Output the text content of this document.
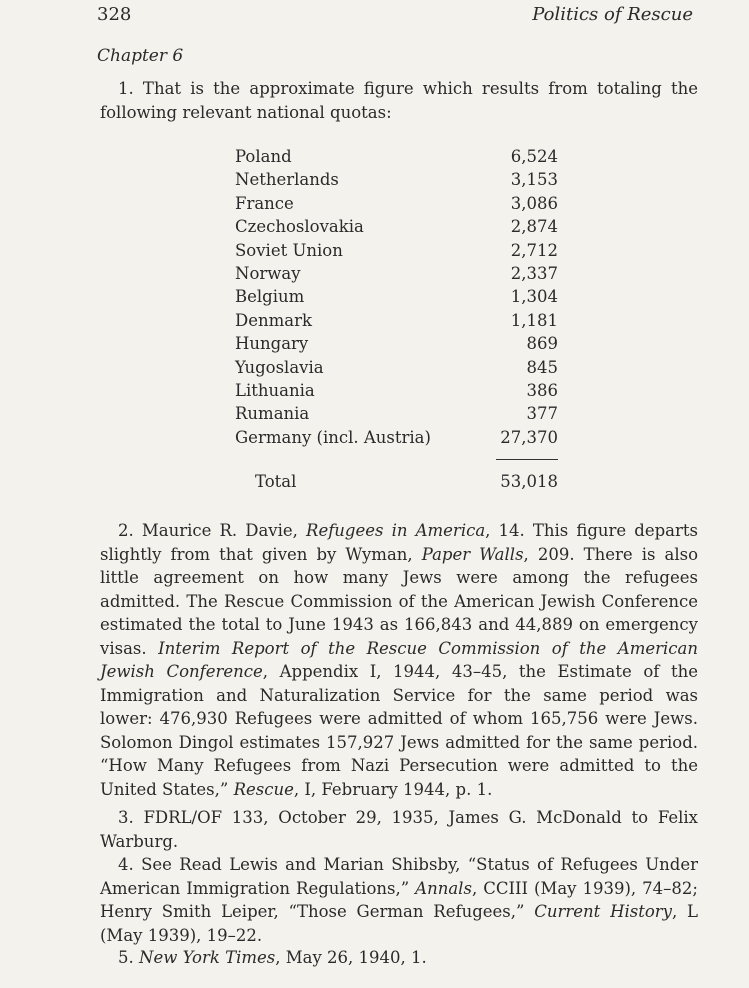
328	Politics of Rescue
Chapter 6
1. That is the approximate figure which results from totaling the following relevant national quotas:
Poland	6,524
Netherlands	3,153
France	3,086
Czechoslovakia	2,874
Soviet Union	2,712
Norway	2,337
Belgium	1,304
Denmark	1,181
Hungary	869
Yugoslavia	845
Lithuania	386
Rumania	377
Germany (incl. Austria)	27,370
Total	53,018
2. Maurice R. Davie, Refugees in America, 14. This figure departs slightly from that given by Wyman, Paper Walls, 209. There is also little agreement on how many Jews were among the refugees admitted. The Rescue Commission of the American Jewish Conference estimated the total to June 1943 as 166,843 and 44,889 on emergency visas. Interim Report of the Rescue Commission of the American Jewish Conference, Appendix I, 1944, 43–45, the Estimate of the Immigration and Naturalization Service for the same period was lower: 476,930 Refugees were admitted of whom 165,756 were Jews. Solomon Dingol estimates 157,927 Jews admitted for the same period. “How Many Refugees from Nazi Persecution were admitted to the United States,” Rescue, I, February 1944, p. 1.
3. FDRL/OF 133, October 29, 1935, James G. McDonald to Felix Warburg.
4. See Read Lewis and Marian Shibsby, “Status of Refugees Under American Immigration Regulations,” Annals, CCIII (May 1939), 74–82; Henry Smith Leiper, “Those German Refugees,” Current History, L (May 1939), 19–22.
5. New York Times, May 26, 1940, 1.
